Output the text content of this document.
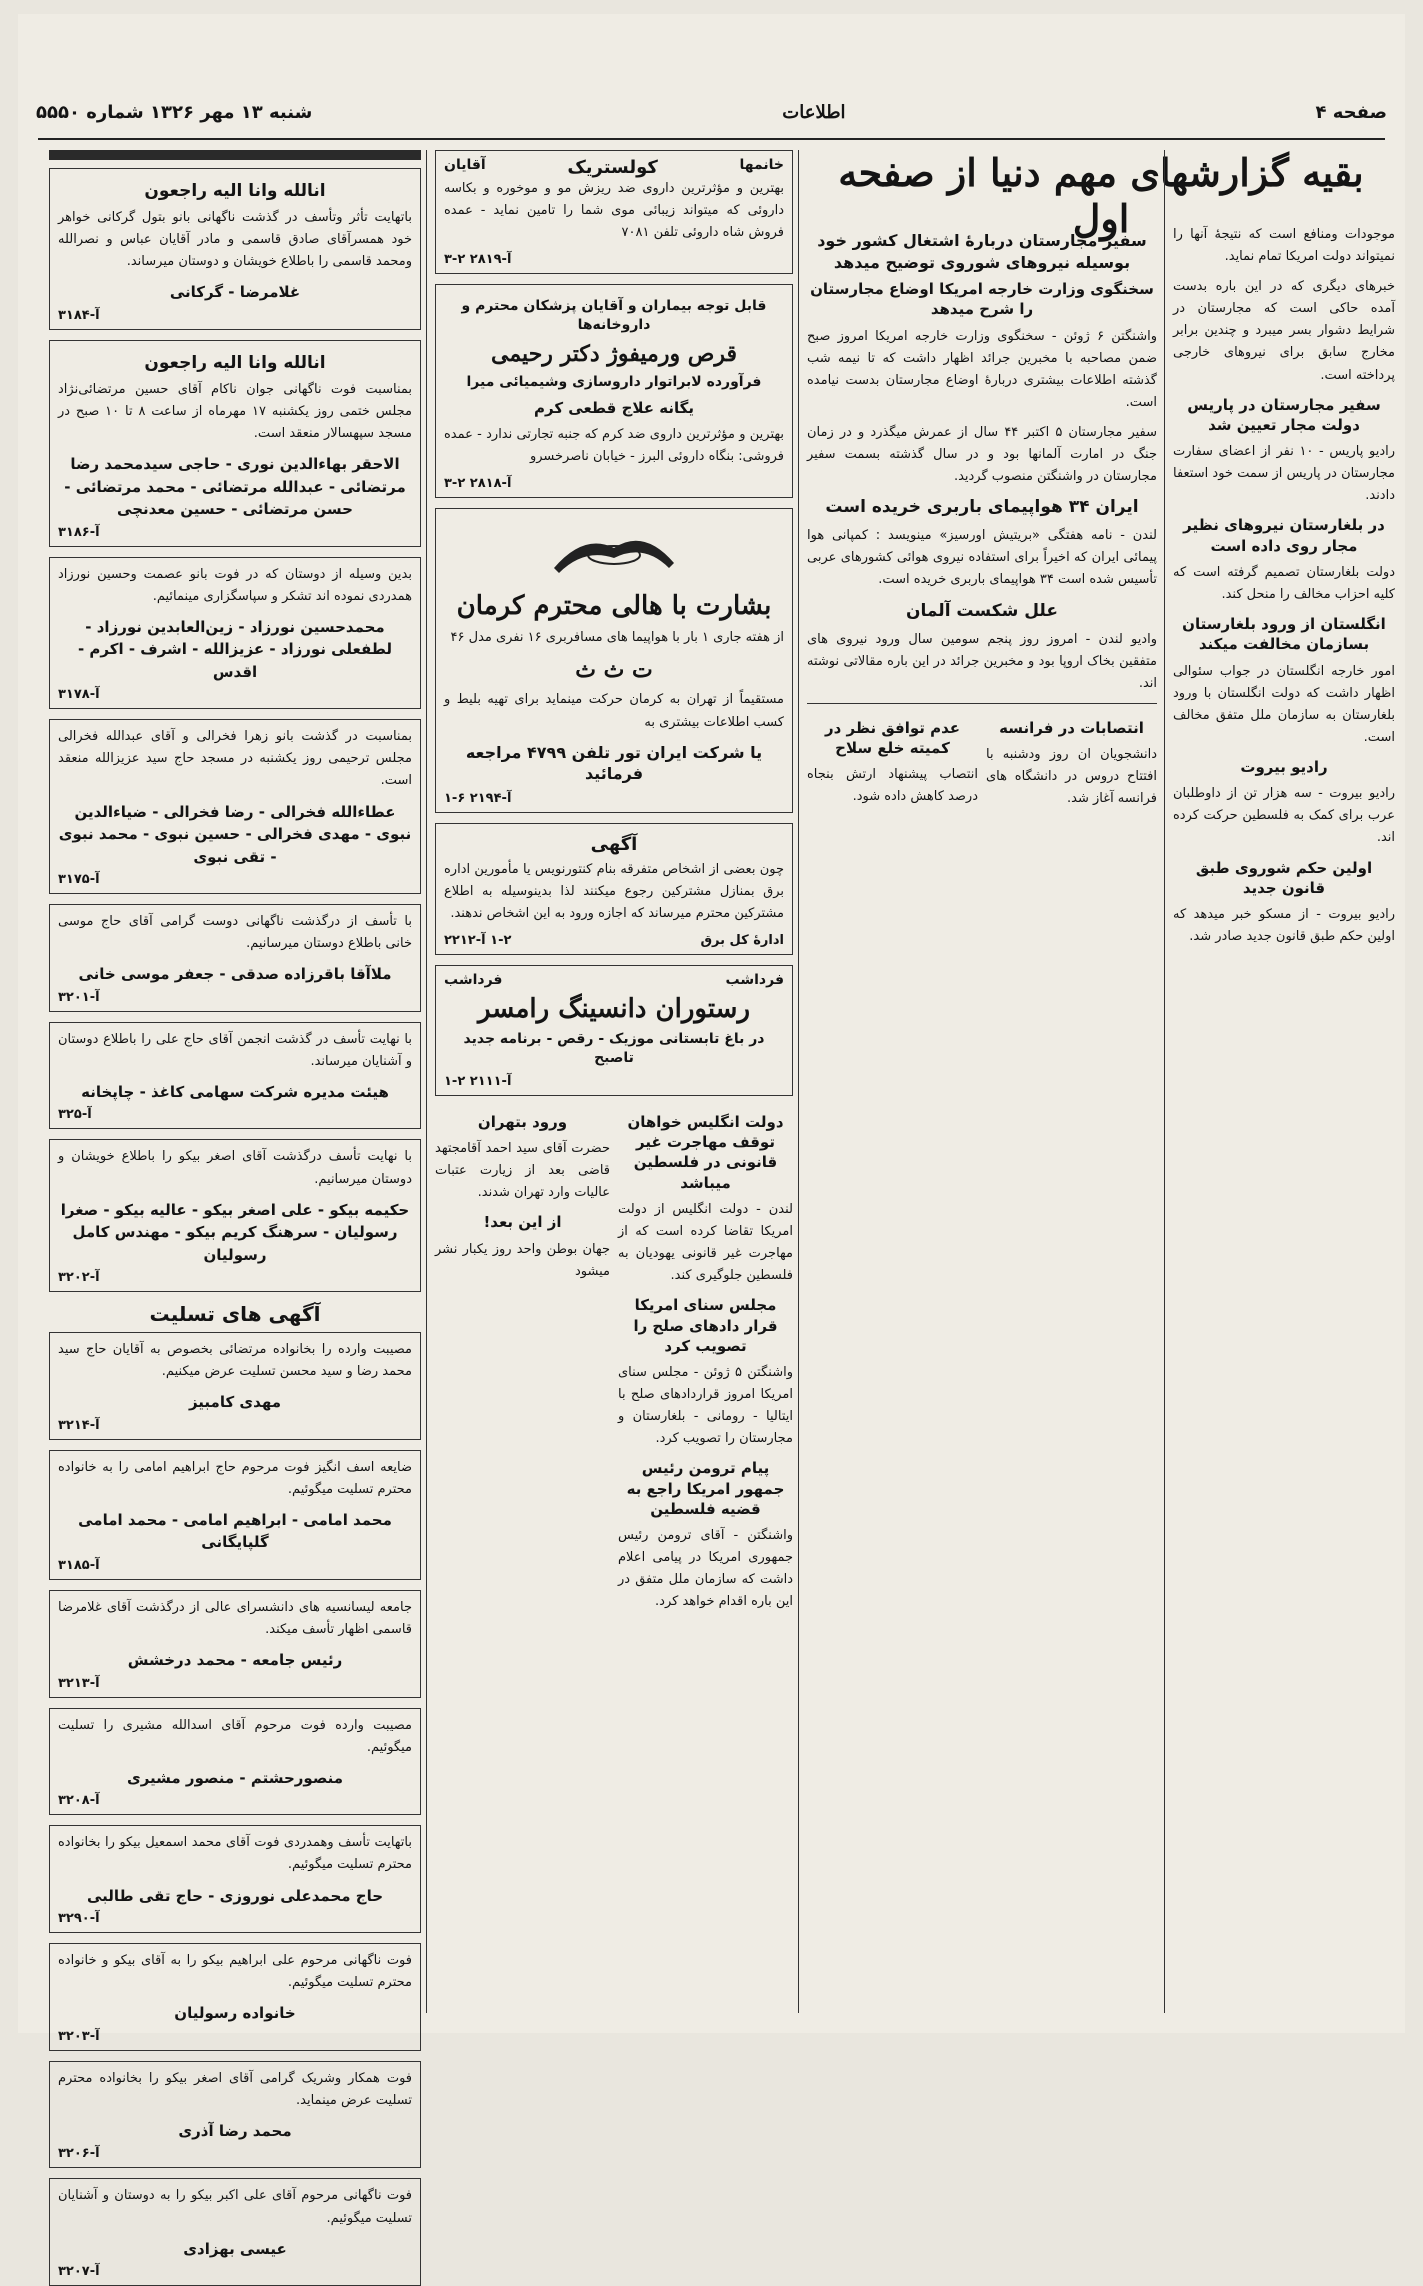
صفحه ۴
اطلاعات
شنبه ۱۳ مهر ۱۳۲۶ شماره ۵۵۵۰
بقیه گزارشهای مهم دنیا از صفحه اول	موجودات ومنافع است که نتیجهٔ آنها را نمیتواند دولت امریکا تمام نماید.

خبرهای دیگری که در این باره بدست آمده حاکی است که مجارستان در شرایط دشوار بسر میبرد و چندین برابر مخارج سابق برای نیروهای خارجی پرداخته است.

سفیر مجارستان در پاریس دولت مجار تعیین شد

رادیو پاریس - ۱۰ نفر از اعضای سفارت مجارستان در پاریس از سمت خود استعفا دادند.

در بلغارستان نیروهای نظیر مجار روی داده است

دولت بلغارستان تصمیم گرفته است که کلیه احزاب مخالف را منحل کند.

انگلستان از ورود بلغارستان بسازمان مخالفت میکند

امور خارجه انگلستان در جواب سئوالی اظهار داشت که دولت انگلستان با ورود بلغارستان به سازمان ملل متفق مخالف است.

رادیو بیروت

رادیو بیروت - سه هزار تن از داوطلبان عرب برای کمک به فلسطین حرکت کرده اند.

اولین حکم شوروی طبق قانون جدید

رادیو بیروت - از مسکو خبر میدهد که اولین حکم طبق قانون جدید صادر شد.

سفیر مجارستان دربارهٔ اشتغال کشور خود بوسیله نیروهای شوروی توضیح میدهد
سخنگوی وزارت خارجه امریکا اوضاع مجارستان را شرح میدهد

واشنگتن ۶ ژوئن - سخنگوی وزارت خارجه امریکا امروز صبح ضمن مصاحبه با مخبرین جرائد اظهار داشت که تا نیمه شب گذشته اطلاعات بیشتری دربارهٔ اوضاع مجارستان بدست نیامده است.

سفیر مجارستان ۵ اکتبر ۴۴ سال از عمرش میگذرد و در زمان جنگ در امارت آلمانها بود و در سال گذشته بسمت سفیر مجارستان در واشنگتن منصوب گردید.

ایران ۳۴ هواپیمای باربری خریده است

لندن - نامه هفتگی «بریتیش اورسیز» مینویسد : کمپانی هوا پیمائی ایران که اخیراً برای استفاده نیروی هوائی کشورهای عربی تأسیس شده است ۳۴ هواپیمای باربری خریده است.

علل شکست آلمان

وادیو لندن - امروز روز پنجم سومین سال ورود نیروی های متفقین بخاک اروپا بود و مخبرین جرائد در این باره مقالاتی نوشته اند.

انتصابات در فرانسه

دانشجویان ان روز ودشنبه با افتتاح دروس در دانشگاه های فرانسه آغاز شد.

عدم توافق نظر در کمیته خلع سلاح

انتصاب پیشنهاد ارتش بنجاه درصد کاهش داده شود.

خانمها
کولستریک
آقایان

بهترین و مؤثرترین داروی ضد ریزش مو و موخوره و بکاسه داروئی که میتواند زیبائی موی شما را تامین نماید - عمده فروش شاه داروئی تلفن ۷۰۸۱

۳-۲ آ-۲۸۱۹
قابل توجه بیماران و آقایان پزشکان محترم و داروخانه‌ها
قرص ورمیفوژ دکتر رحیمی
فرآورده لابراتوار داروسازی وشیمیائی میرا
یگانه علاج قطعی کرم

بهترین و مؤثرترین داروی ضد کرم که جنبه تجارتی ندارد - عمده فروشی: بنگاه داروئی البرز - خیابان ناصرخسرو

۳-۲ آ-۲۸۱۸
بشارت با هالی محترم کرمان

از هفته جاری ۱ بار با هواپیما های مسافربری ۱۶ نفری مدل ۴۶

ت ث ث

مستقیماً از تهران به کرمان حرکت مینماید برای تهیه بلیط و کسب اطلاعات بیشتری به

یا شرکت ایران تور تلفن ۴۷۹۹ مراجعه فرمائید
۱-۶ آ-۲۱۹۴
آگهی

چون بعضی از اشخاص متفرقه بنام کنتورنویس یا مأمورین اداره برق بمنازل مشترکین رجوع میکنند لذا بدینوسیله به اطلاع مشترکین محترم میرساند که اجازه ورود به این اشخاص ندهند.

ادارهٔ کل برق
۱-۲ آ-۲۲۱۲
فرداشب
فرداشب
رستوران دانسینگ رامسر
در باغ تابستانی موزیک - رقص - برنامه جدید تاصبح
۱-۲ آ-۲۱۱۱
دولت انگلیس خواهان توقف مهاجرت غیر قانونی در فلسطین میباشد

لندن - دولت انگلیس از دولت امریکا تقاضا کرده است که از مهاجرت غیر قانونی یهودیان به فلسطین جلوگیری کند.

مجلس سنای امریکا قرار دادهای صلح را تصویب کرد

واشنگتن ۵ ژوئن - مجلس سنای امریکا امروز قراردادهای صلح با ایتالیا - رومانی - بلغارستان و مجارستان را تصویب کرد.

پیام ترومن رئیس جمهور امریکا راجع به قضیه فلسطین

واشنگتن - آقای ترومن رئیس جمهوری امریکا در پیامی اعلام داشت که سازمان ملل متفق در این باره اقدام خواهد کرد.

ورود بتهران

حضرت آقای سید احمد آقامجتهد قاضی بعد از زیارت عتبات عالیات وارد تهران شدند.

از این بعد!

جهان بوطن واحد روز یکبار نشر میشود

انالله وانا الیه راجعون

باتهایت تأثر وتأسف در گذشت ناگهانی بانو بتول گرکانی خواهر خود همسرآقای صادق قاسمی و مادر آقایان عباس و نصرالله ومحمد قاسمی را باطلاع خویشان و دوستان میرساند.

غلامرضا - گرکانی
آ-۳۱۸۴
انالله وانا الیه راجعون

بمناسبت فوت ناگهانی جوان ناکام آقای حسین مرتضائی‌نژاد مجلس ختمی روز یکشنبه ۱۷ مهرماه از ساعت ۸ تا ۱۰ صبح در مسجد سپهسالار منعقد است.

الاحقر بهاءالدین نوری - حاجی سیدمحمد رضا مرتضائی - عبدالله مرتضائی - محمد مرتضائی - حسن مرتضائی - حسین معدنچی
آ-۳۱۸۶

بدین وسیله از دوستان که در فوت بانو عصمت وحسین نورزاد همدردی نموده اند تشکر و سپاسگزاری مینمائیم.

محمدحسین نورزاد - زین‌العابدین نورزاد - لطفعلی نورزاد - عزیزالله - اشرف - اکرم - اقدس
آ-۳۱۷۸

بمناسبت در گذشت بانو زهرا فخرالی و آقای عبدالله فخرالی مجلس ترحیمی روز یکشنبه در مسجد حاج سید عزیزالله منعقد است.

عطاءالله فخرالی - رضا فخرالی - ضیاءالدین نبوی - مهدی فخرالی - حسین نبوی - محمد نبوی - تقی نبوی
آ-۳۱۷۵

با تأسف از درگذشت ناگهانی دوست گرامی آقای حاج موسی خانی باطلاع دوستان میرسانیم.

ملاآقا باقرزاده صدقی - جعفر موسی خانی
آ-۳۲۰۱

با نهایت تأسف در گذشت انجمن آقای حاج علی را باطلاع دوستان و آشنایان میرساند.

هیئت مدیره شرکت سهامی کاغذ - چاپخانه
آ-۳۲۵

با نهایت تأسف درگذشت آقای اصغر بیکو را باطلاع خویشان و دوستان میرسانیم.

حکیمه بیکو - علی اصغر بیکو - عالیه بیکو - صغرا رسولیان - سرهنگ کریم بیکو - مهندس کامل رسولیان
آ-۳۲۰۲
آگهی های تسلیت

مصیبت وارده را بخانواده مرتضائی بخصوص به آقایان حاج سید محمد رضا و سید محسن تسلیت عرض میکنیم.

مهدی کامبیز
آ-۳۲۱۴

ضایعه اسف انگیز فوت مرحوم حاج ابراهیم امامی را به خانواده محترم تسلیت میگوئیم.

محمد امامی - ابراهیم امامی - محمد امامی گلپایگانی
آ-۳۱۸۵

جامعه لیسانسیه های دانشسرای عالی از درگذشت آقای غلامرضا قاسمی اظهار تأسف میکند.

رئیس جامعه - محمد درخشش
آ-۳۲۱۳

مصیبت وارده فوت مرحوم آقای اسدالله مشیری را تسلیت میگوئیم.

منصورحشتم - منصور مشیری
آ-۳۲۰۸

باتهایت تأسف وهمدردی فوت آقای محمد اسمعیل بیکو را بخانواده محترم تسلیت میگوئیم.

حاج محمدعلی نوروزی - حاج تقی طالبی
آ-۳۲۹۰

فوت ناگهانی مرحوم علی ابراهیم بیکو را به آقای بیکو و خانواده محترم تسلیت میگوئیم.

خانواده رسولیان
آ-۳۲۰۳

فوت همکار وشریک گرامی آقای اصغر بیکو را بخانواده محترم تسلیت عرض مینماید.

محمد رضا آذری
آ-۳۲۰۶

فوت ناگهانی مرحوم آقای علی اکبر بیکو را به دوستان و آشنایان تسلیت میگوئیم.

عیسی بهزادی
آ-۳۲۰۷
